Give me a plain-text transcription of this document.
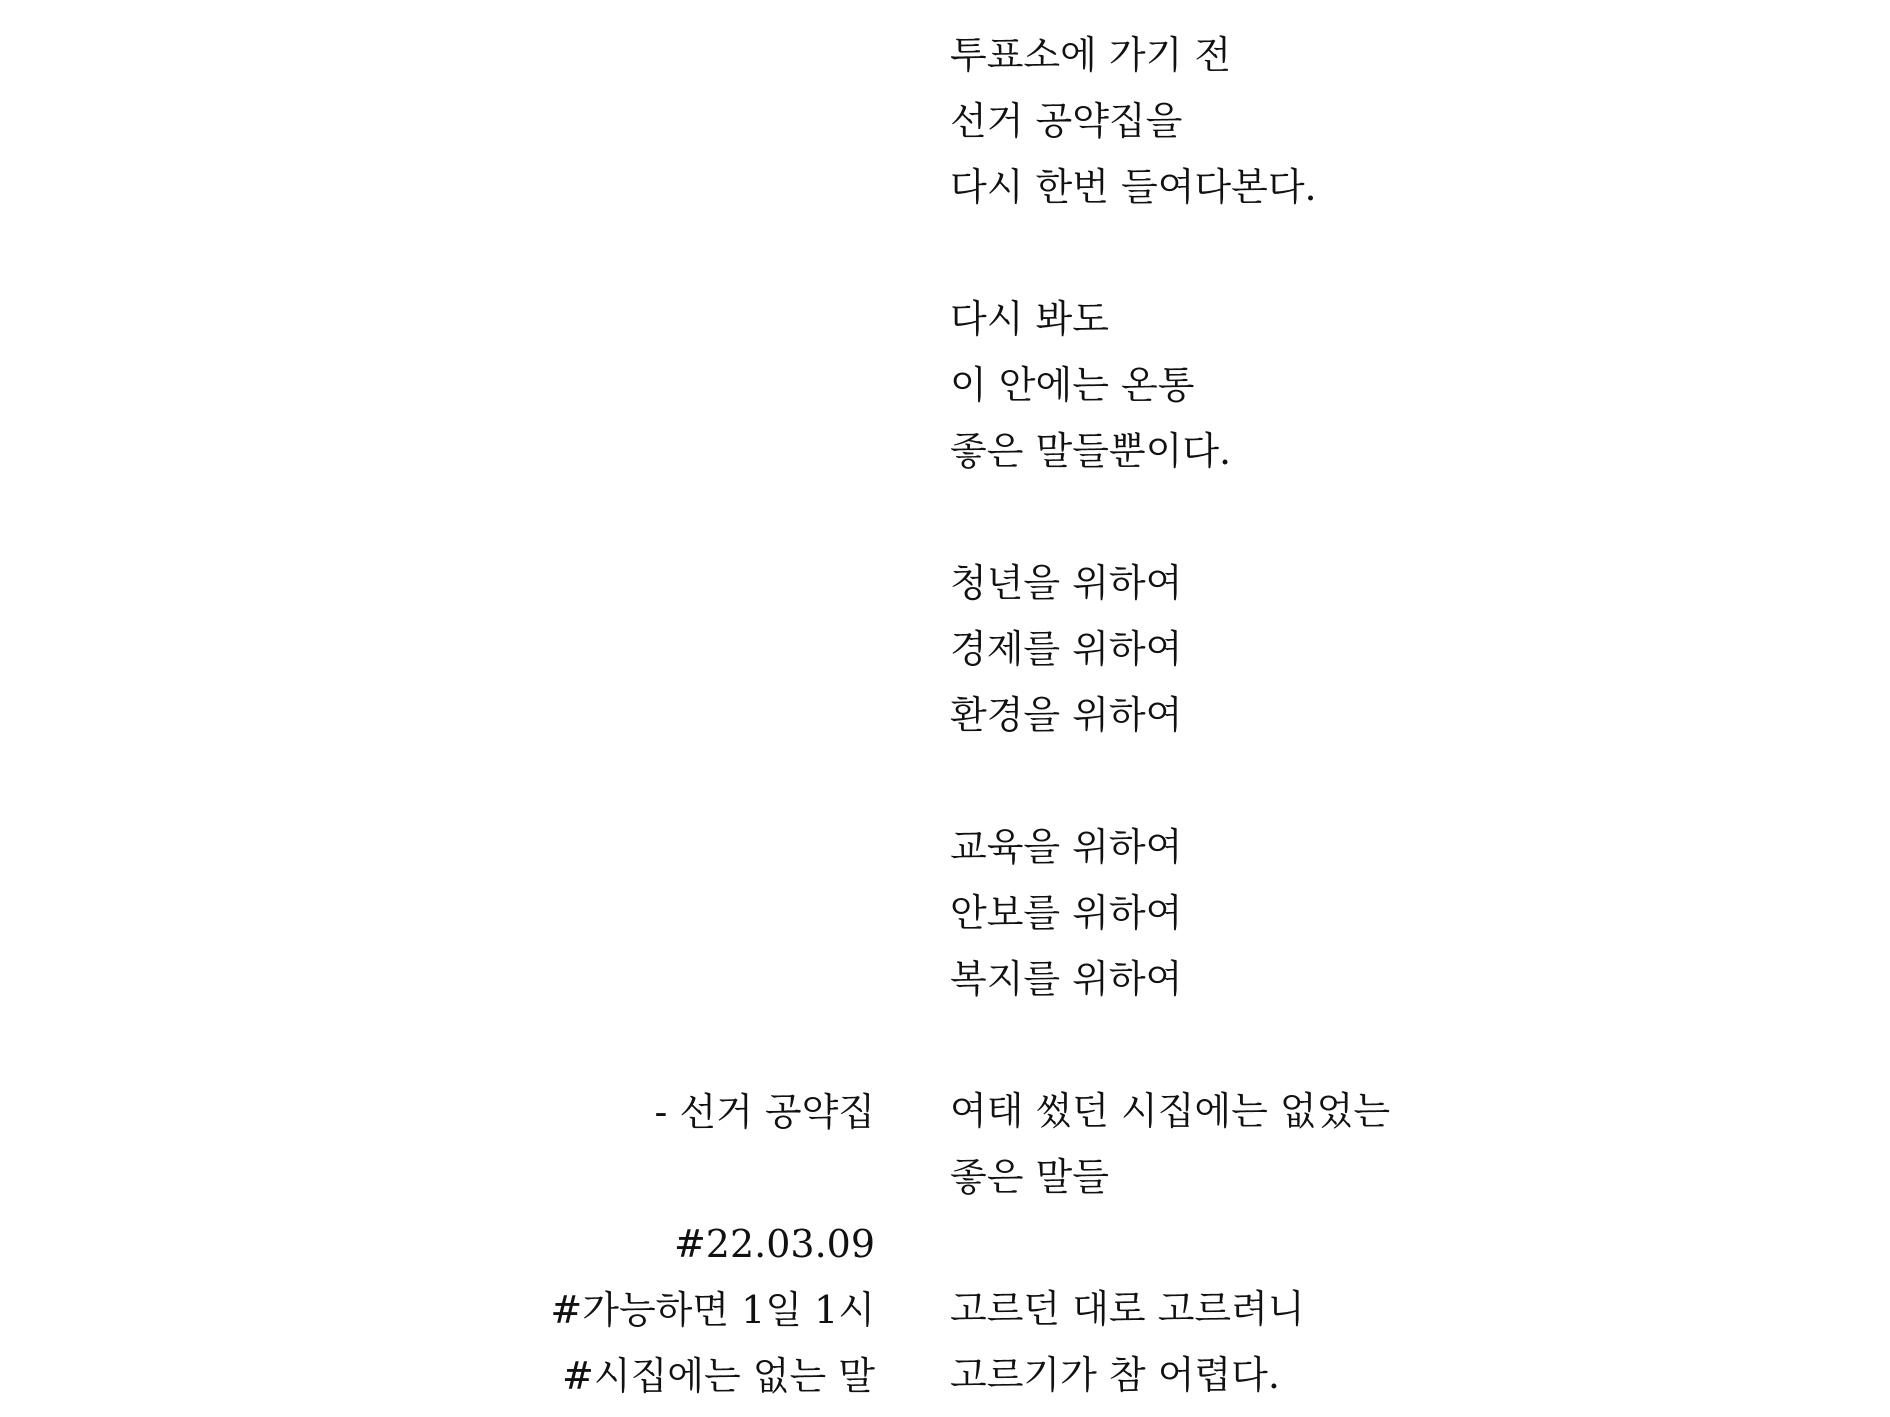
투표소에 가기 전
선거 공약집을
다시 한번 들여다본다.
다시 봐도
이 안에는 온통
좋은 말들뿐이다.
청년을 위하여
경제를 위하여
환경을 위하여
교육을 위하여
안보를 위하여
복지를 위하여
여태 썼던 시집에는 없었는
좋은 말들
고르던 대로 고르려니
고르기가 참 어렵다.
- 선거 공약집
#22.03.09
#가능하면 1일 1시
#시집에는 없는 말
